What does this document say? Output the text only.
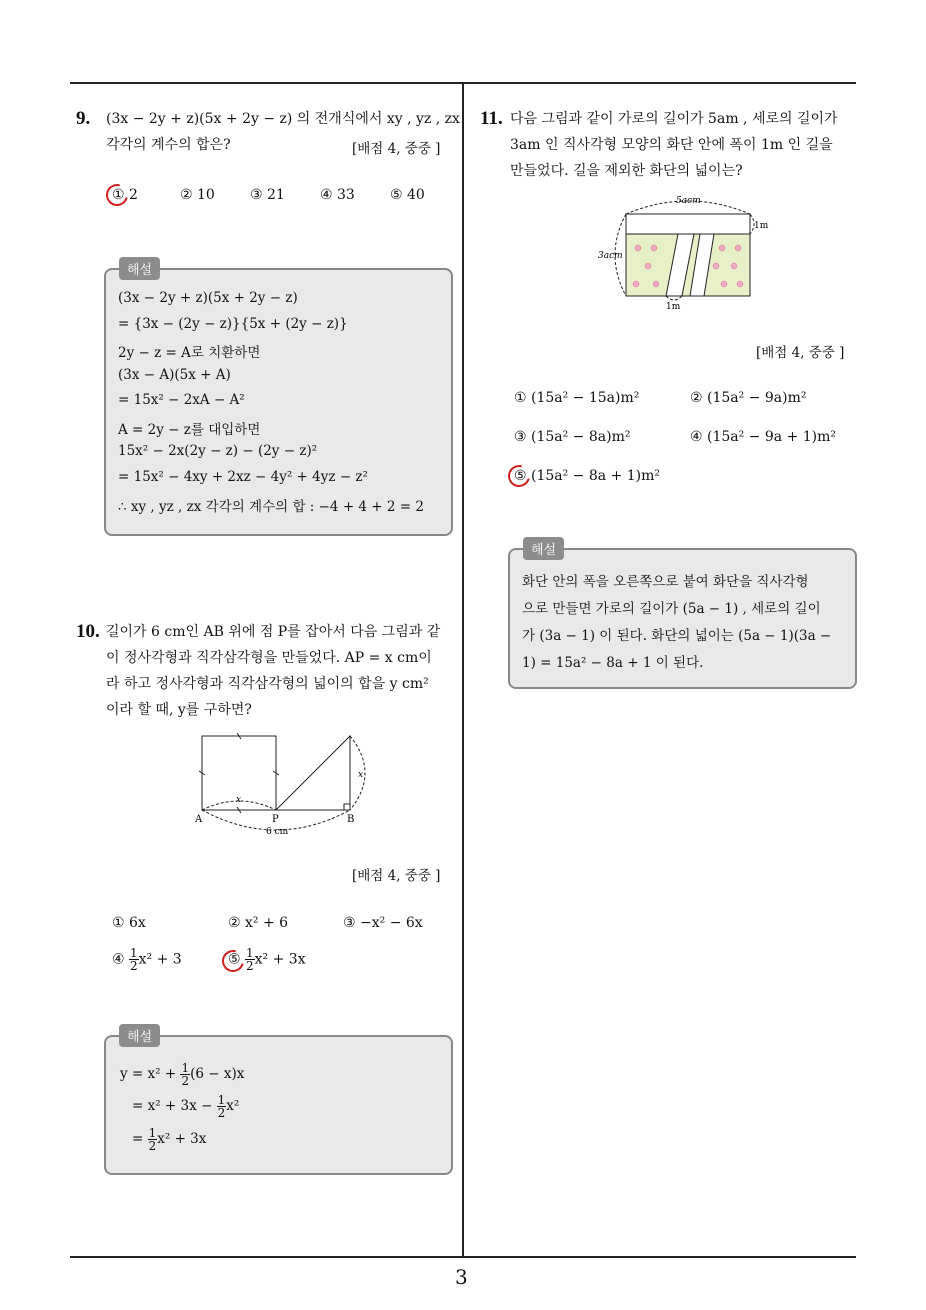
3
9. (3x − 2y + z)(5x + 2y − z) 의 전개식에서 xy , yz , zx
각각의 계수의 합은?	[배점 4, 중중 ]
① 2	② 10	③ 21	④ 33	⑤ 40
해설
(3x − 2y + z)(5x + 2y − z)
= {3x − (2y − z)}{5x + (2y − z)}
2y − z = A로 치환하면
(3x − A)(5x + A)
= 15x² − 2xA − A²
A = 2y − z를 대입하면
15x² − 2x(2y − z) − (2y − z)²
= 15x² − 4xy + 2xz − 4y² + 4yz − z²
∴ xy , yz , zx 각각의 계수의 합 : −4 + 4 + 2 = 2
10. 길이가 6 cm인 AB 위에 점 P를 잡아서 다음 그림과 같
이 정사각형과 직각삼각형을 만들었다. AP = x cm이
라 하고 정사각형과 직각삼각형의 넓이의 합을 y cm²
이라 할 때, y를 구하면?
A	P	B
x
x
6 cm
[배점 4, 중중 ]
① 6x	② x² + 6	③ −x² − 6x
④ $\frac{1}{2} x^2 + 3$	⑤ $\frac{1}{2} x^2 + 3x$
해설
$y = x^2 + \frac{1}{2} (6 - x)x$
= $x^2 + 3x - \frac{1}{2} x^2$
= $\frac{1}{2} x^2 + 3x$
11. 다음 그림과 같이 가로의 길이가 5am , 세로의 길이가
3am 인 직사각형 모양의 화단 안에 폭이 1m 인 길을
만들었다. 길을 제외한 화단의 넓이는?
5acm
3acm
1m
1m
[배점 4, 중중 ]
① (15a² − 15a)m²	② (15a² − 9a)m²
③ (15a² − 8a)m²	④ (15a² − 9a + 1)m²
⑤ (15a² − 8a + 1)m²
해설
화단 안의 폭을 오른쪽으로 붙여 화단을 직사각형
으로 만들면 가로의 길이가 (5a − 1) , 세로의 길이
가 (3a − 1) 이 된다. 화단의 넓이는 (5a − 1)(3a −
1) = 15a² − 8a + 1 이 된다.
